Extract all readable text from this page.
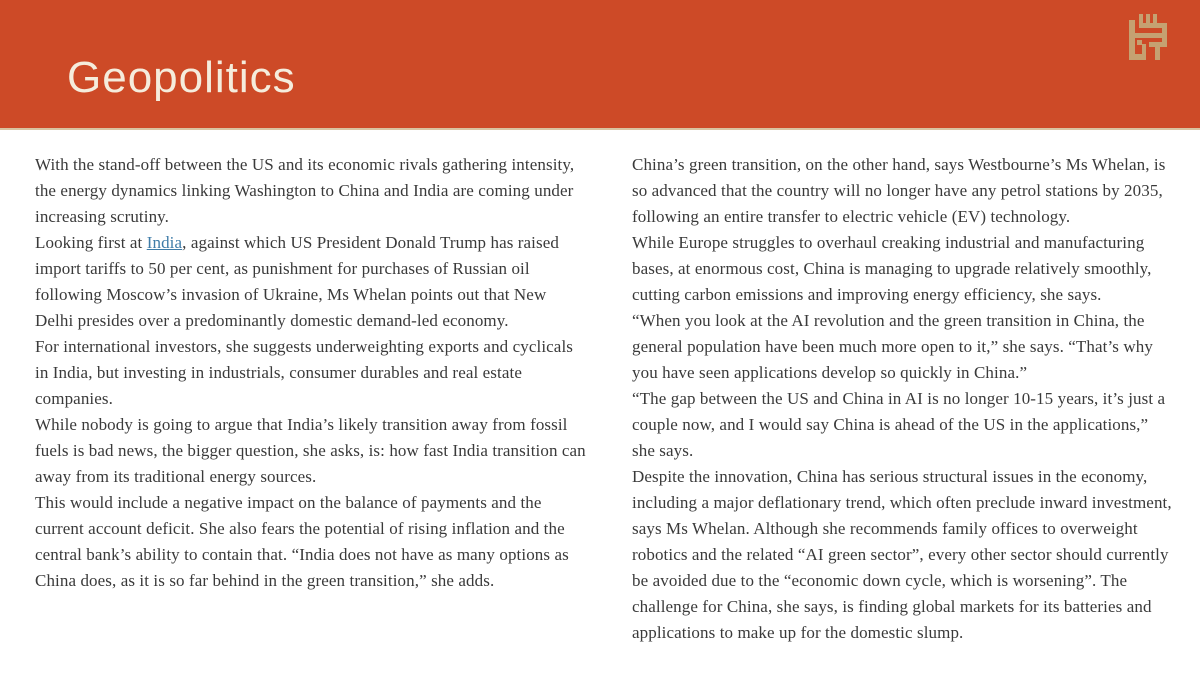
Geopolitics

With the stand-off between the US and its economic rivals gathering intensity, the energy dynamics linking Washington to China and India are coming under increasing scrutiny.

Looking first at India, against which US President Donald Trump has raised import tariffs to 50 per cent, as punishment for purchases of Russian oil following Moscow’s invasion of Ukraine, Ms Whelan points out that New Delhi presides over a predominantly domestic demand-led economy.

For international investors, she suggests underweighting exports and cyclicals in India, but investing in industrials, consumer durables and real estate companies.

While nobody is going to argue that India’s likely transition away from fossil fuels is bad news, the bigger question, she asks, is: how fast India transition can away from its traditional energy sources.

This would include a negative impact on the balance of payments and the current account deficit. She also fears the potential of rising inflation and the central bank’s ability to contain that. “India does not have as many options as China does, as it is so far behind in the green transition,” she adds.

China’s green transition, on the other hand, says Westbourne’s Ms Whelan, is so advanced that the country will no longer have any petrol stations by 2035, following an entire transfer to electric vehicle (EV) technology.

While Europe struggles to overhaul creaking industrial and manufacturing bases, at enormous cost, China is managing to upgrade relatively smoothly, cutting carbon emissions and improving energy efficiency, she says.

“When you look at the AI revolution and the green transition in China, the general population have been much more open to it,” she says. “That’s why you have seen applications develop so quickly in China.”

“The gap between the US and China in AI is no longer 10-15 years, it’s just a couple now, and I would say China is ahead of the US in the applications,” she says.

Despite the innovation, China has serious structural issues in the economy, including a major deflationary trend, which often preclude inward investment, says Ms Whelan. Although she recommends family offices to overweight robotics and the related “AI green sector”, every other sector should currently be avoided due to the “economic down cycle, which is worsening”. The challenge for China, she says, is finding global markets for its batteries and applications to make up for the domestic slump.
